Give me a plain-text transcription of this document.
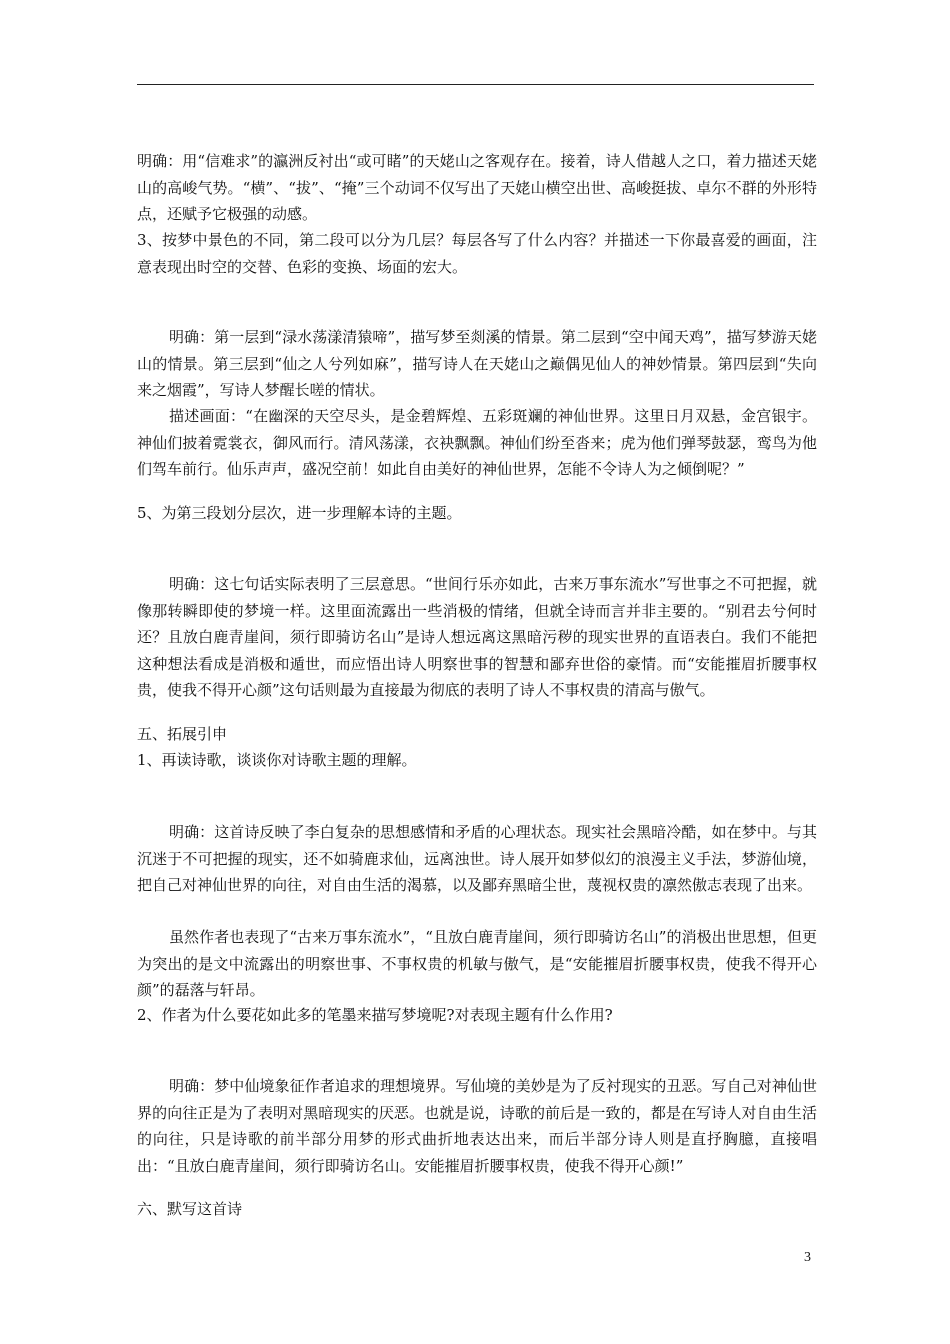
明确：用“信难求”的瀛洲反衬出“或可睹”的天姥山之客观存在。接着，诗人借越人之口，着力描述天姥山的高峻气势。“横”、“拔”、“掩”三个动词不仅写出了天姥山横空出世、高峻挺拔、卓尔不群的外形特点，还赋予它极强的动感。

3、按梦中景色的不同，第二段可以分为几层？每层各写了什么内容？并描述一下你最喜爱的画面，注意表现出时空的交替、色彩的变换、场面的宏大。

明确：第一层到“渌水荡漾清猿啼”，描写梦至剡溪的情景。第二层到“空中闻天鸡”，描写梦游天姥山的情景。第三层到“仙之人兮列如麻”，描写诗人在天姥山之巅偶见仙人的神妙情景。第四层到“失向来之烟霞”，写诗人梦醒长嗟的情状。

描述画面：“在幽深的天空尽头，是金碧辉煌、五彩斑斓的神仙世界。这里日月双悬，金宫银宇。神仙们披着霓裳衣，御风而行。清风荡漾，衣袂飘飘。神仙们纷至沓来；虎为他们弹琴鼓瑟，鸾鸟为他们驾车前行。仙乐声声，盛况空前！如此自由美好的神仙世界，怎能不令诗人为之倾倒呢？”

5、为第三段划分层次，进一步理解本诗的主题。

明确：这七句话实际表明了三层意思。“世间行乐亦如此，古来万事东流水”写世事之不可把握，就像那转瞬即使的梦境一样。这里面流露出一些消极的情绪，但就全诗而言并非主要的。“别君去兮何时还？且放白鹿青崖间，须行即骑访名山”是诗人想远离这黑暗污秽的现实世界的直语表白。我们不能把这种想法看成是消极和遁世，而应悟出诗人明察世事的智慧和鄙弃世俗的豪情。而“安能摧眉折腰事权贵，使我不得开心颜”这句话则最为直接最为彻底的表明了诗人不事权贵的清高与傲气。

五、拓展引申

1、再读诗歌，谈谈你对诗歌主题的理解。

明确：这首诗反映了李白复杂的思想感情和矛盾的心理状态。现实社会黑暗冷酷，如在梦中。与其沉迷于不可把握的现实，还不如骑鹿求仙，远离浊世。诗人展开如梦似幻的浪漫主义手法，梦游仙境，把自己对神仙世界的向往，对自由生活的渴慕，以及鄙弃黑暗尘世，蔑视权贵的凛然傲志表现了出来。

虽然作者也表现了“古来万事东流水”，“且放白鹿青崖间，须行即骑访名山”的消极出世思想，但更为突出的是文中流露出的明察世事、不事权贵的机敏与傲气，是“安能摧眉折腰事权贵，使我不得开心颜”的磊落与轩昂。

2、作者为什么要花如此多的笔墨来描写梦境呢?对表现主题有什么作用?

明确：梦中仙境象征作者追求的理想境界。写仙境的美妙是为了反衬现实的丑恶。写自己对神仙世界的向往正是为了表明对黑暗现实的厌恶。也就是说，诗歌的前后是一致的，都是在写诗人对自由生活的向往，只是诗歌的前半部分用梦的形式曲折地表达出来，而后半部分诗人则是直抒胸臆，直接唱出：“且放白鹿青崖间，须行即骑访名山。安能摧眉折腰事权贵，使我不得开心颜!”

六、默写这首诗

3
